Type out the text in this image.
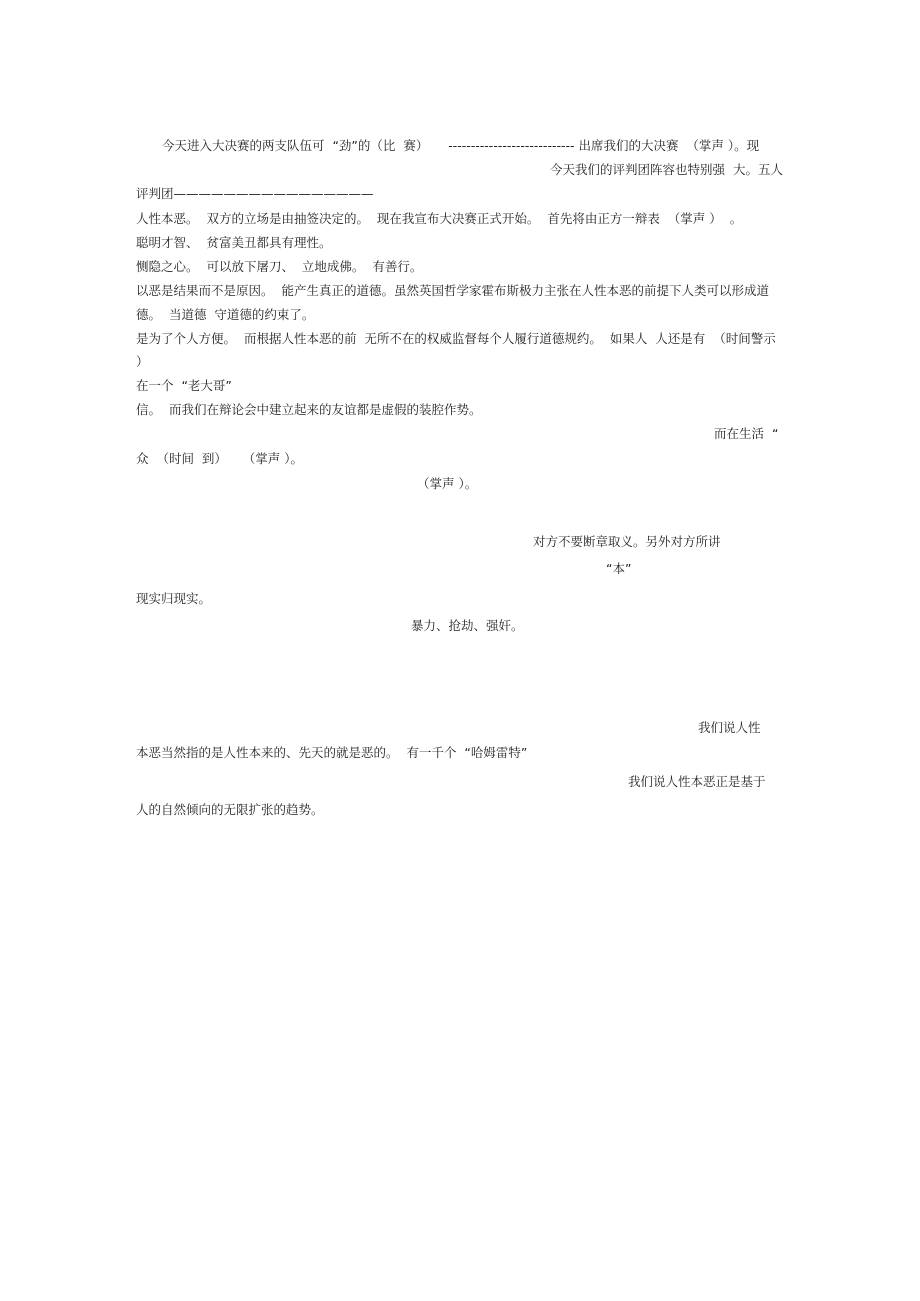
今天进入大决赛的两支队伍可  “劲”的（比  赛）     ---------------------------- 出席我们的大决赛  （掌声 ）。现
今天我们的评判团阵容也特别强  大。五人
评判团————————————————
人性本恶。  双方的立场是由抽签决定的。  现在我宣布大决赛正式开始。  首先将由正方一辩表  （掌声 ）  。
聪明才智、  贫富美丑都具有理性。
恻隐之心。  可以放下屠刀、  立地成佛。  有善行。
以恶是结果而不是原因。  能产生真正的道德。虽然英国哲学家霍布斯极力主张在人性本恶的前提下人类可以形成道
德。  当道德  守道德的约束了。
是为了个人方便。  而根据人性本恶的前  无所不在的权威监督每个人履行道德规约。  如果人  人还是有  （时间警示
）
在一个  “老大哥”
信。  而我们在辩论会中建立起来的友谊都是虚假的装腔作势。
而在生活  “
众  （时间  到）    （掌声 ）。
（掌声 ）。
对方不要断章取义。另外对方所讲
“本”
现实归现实。
暴力、抢劫、强奸。
我们说人性
本恶当然指的是人性本来的、先天的就是恶的。  有一千个  “哈姆雷特”
我们说人性本恶正是基于
人的自然倾向的无限扩张的趋势。
